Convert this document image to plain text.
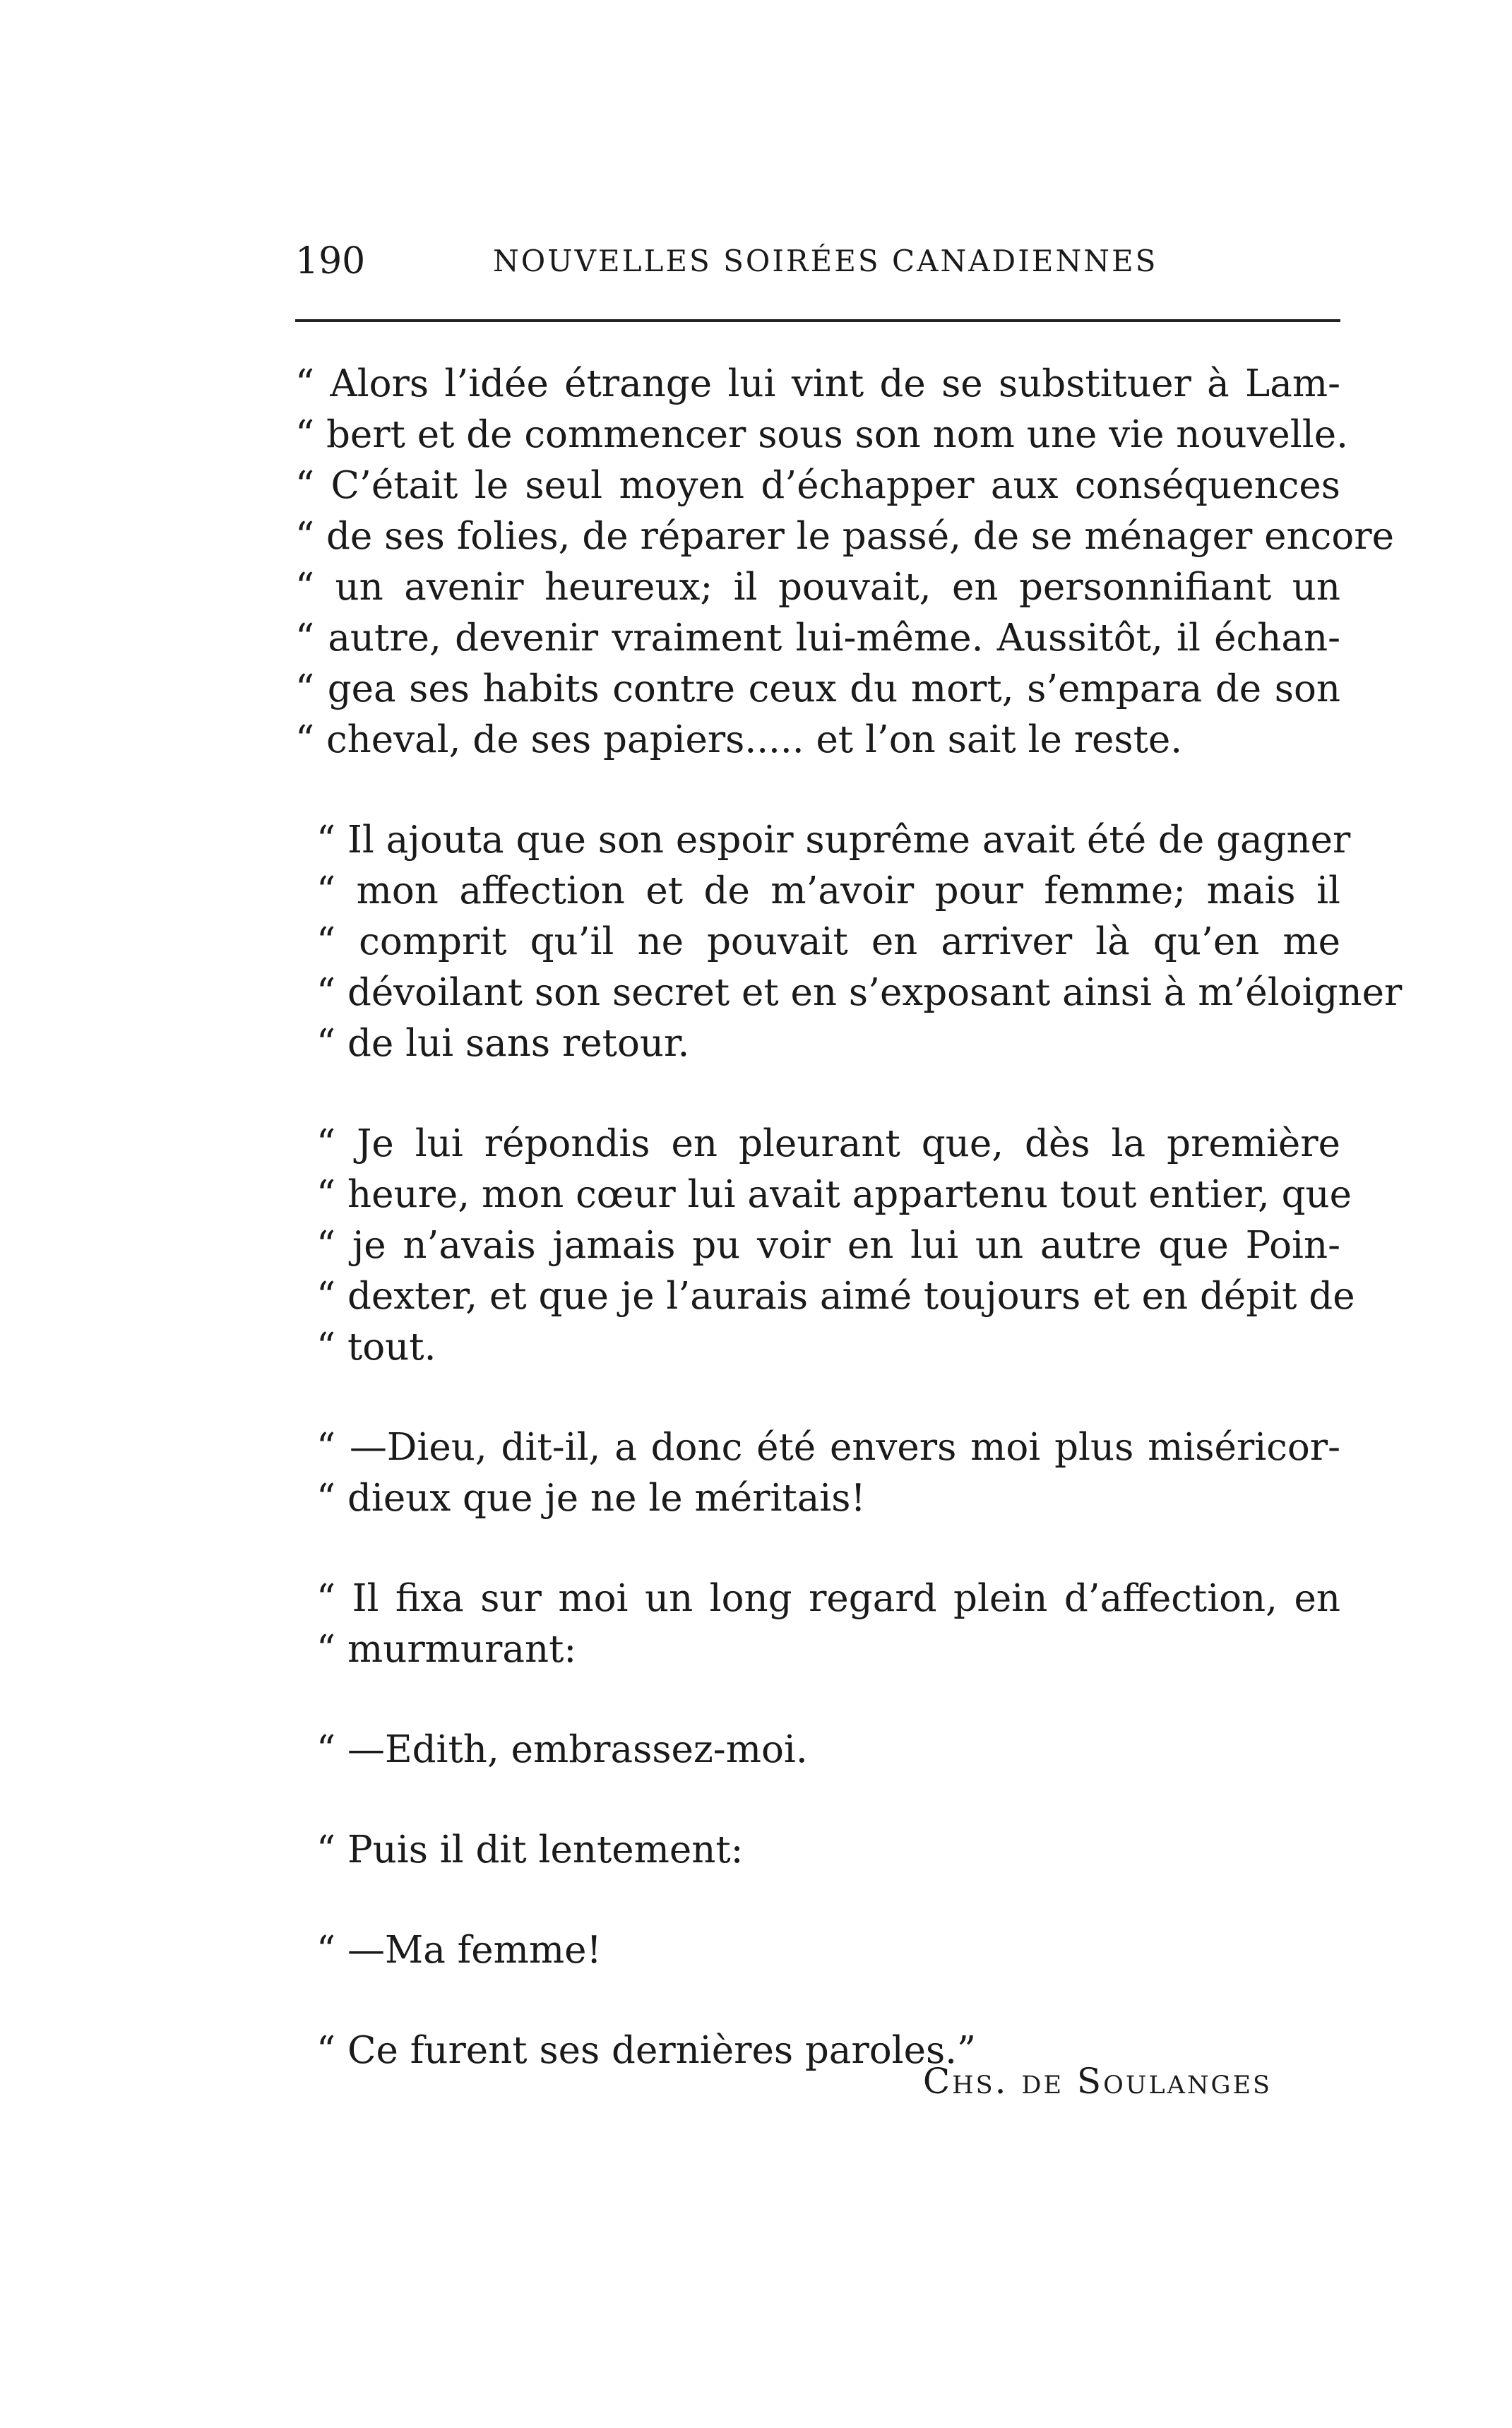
190	NOUVELLES SOIRÉES CANADIENNES
“ Alors l’idée étrange lui vint de se substituer à Lam-
“ bert et de commencer sous son nom une vie nouvelle.
“ C’était le seul moyen d’échapper aux conséquences
“ de ses folies, de réparer le passé, de se ménager encore
“ un avenir heureux; il pouvait, en personnifiant un
“ autre, devenir vraiment lui-même. Aussitôt, il échan-
“ gea ses habits contre ceux du mort, s’empara de son
“ cheval, de ses papiers..... et l’on sait le reste.
“ Il ajouta que son espoir suprême avait été de gagner
“ mon affection et de m’avoir pour femme; mais il
“ comprit qu’il ne pouvait en arriver là qu’en me
“ dévoilant son secret et en s’exposant ainsi à m’éloigner
“ de lui sans retour.
“ Je lui répondis en pleurant que, dès la première
“ heure, mon cœur lui avait appartenu tout entier, que
“ je n’avais jamais pu voir en lui un autre que Poin-
“ dexter, et que je l’aurais aimé toujours et en dépit de
“ tout.
“ —Dieu, dit-il, a donc été envers moi plus miséricor-
“ dieux que je ne le méritais!
“ Il fixa sur moi un long regard plein d’affection, en
“ murmurant:
“ —Edith, embrassez-moi.
“ Puis il dit lentement:
“ —Ma femme!
“ Ce furent ses dernières paroles.”
Chs. de Soulanges
